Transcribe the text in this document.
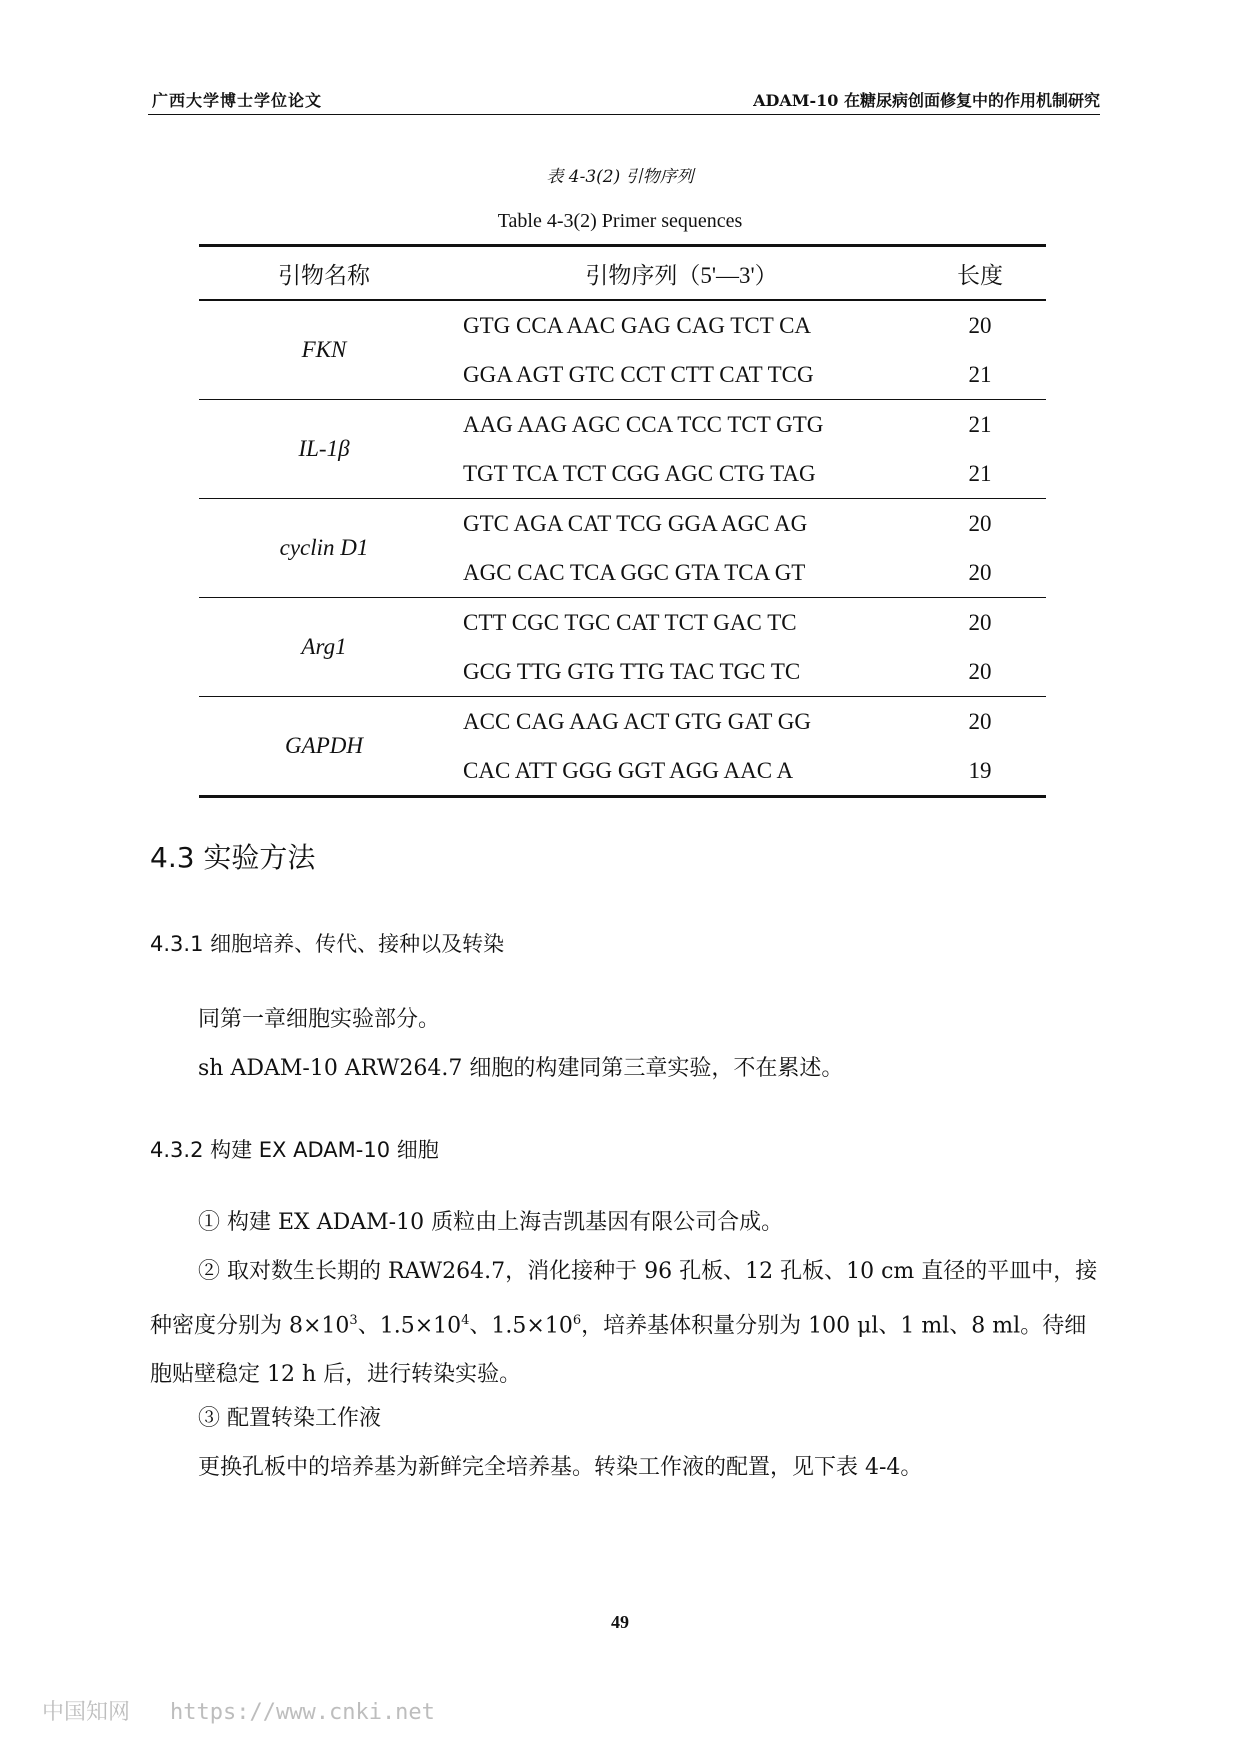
广西大学博士学位论文	ADAM-10 在糖尿病创面修复中的作用机制研究
表 4-3(2) 引物序列
Table 4-3(2) Primer sequences
引物名称	引物序列（5'—3'）	长度
FKN	GTG CCA AAC GAG CAG TCT CA	20

	GGA AGT GTC CCT CTT CAT TCG	21
IL-1β	AAG AAG AGC CCA TCC TCT GTG	21

	TGT TCA TCT CGG AGC CTG TAG	21
cyclin D1	GTC AGA CAT TCG GGA AGC AG	20

	AGC CAC TCA GGC GTA TCA GT	20
Arg1	CTT CGC TGC CAT TCT GAC TC	20

	GCG TTG GTG TTG TAC TGC TC	20
GAPDH	ACC CAG AAG ACT GTG GAT GG	20

	CAC ATT GGG GGT AGG AAC A	19
4.3 实验方法
4.3.1 细胞培养、传代、接种以及转染
同第一章细胞实验部分。
sh ADAM-10 ARW264.7 细胞的构建同第三章实验，不在累述。
4.3.2 构建 EX ADAM-10 细胞
① 构建 EX ADAM-10 质粒由上海吉凯基因有限公司合成。
② 取对数生长期的 RAW264.7，消化接种于 96 孔板、12 孔板、10 cm 直径的平皿中，接种密度分别为 $8\times 10^3$、$1.5\times 10^4$、$1.5\times 10^6$，培养基体积量分别为 100 μl、1 ml、8 ml。待细胞贴壁稳定 12 h 后，进行转染实验。
③ 配置转染工作液
更换孔板中的培养基为新鲜完全培养基。转染工作液的配置，见下表 4-4。
49
中国知网 https://www.cnki.net
